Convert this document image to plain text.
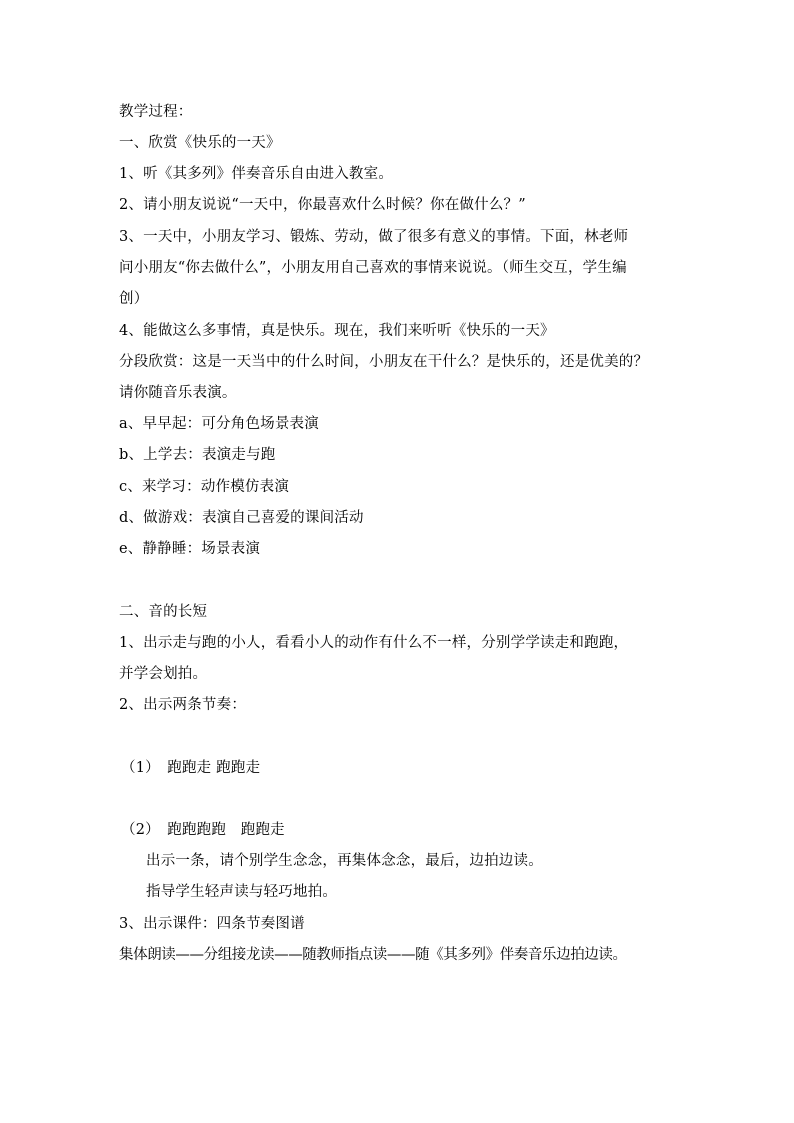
教学过程：
一、欣赏《快乐的一天》
1、听《其多列》伴奏音乐自由进入教室。
2、请小朋友说说“一天中，你最喜欢什么时候？你在做什么？”
3、一天中，小朋友学习、锻炼、劳动，做了很多有意义的事情。下面，林老师
问小朋友“你去做什么”，小朋友用自己喜欢的事情来说说。（师生交互，学生编
创）
4、能做这么多事情，真是快乐。现在，我们来听听《快乐的一天》
分段欣赏：这是一天当中的什么时间，小朋友在干什么？是快乐的，还是优美的？
请你随音乐表演。
a、早早起：可分角色场景表演
b、上学去：表演走与跑
c、来学习：动作模仿表演
d、做游戏：表演自己喜爱的课间活动
e、静静睡：场景表演
二、音的长短
1、出示走与跑的小人，看看小人的动作有什么不一样，分别学学读走和跑跑，
并学会划拍。
2、出示两条节奏：
（1）　跑跑走 跑跑走
（2）　跑跑跑跑　跑跑走
出示一条，请个别学生念念，再集体念念，最后，边拍边读。
指导学生轻声读与轻巧地拍。
3、出示课件：四条节奏图谱
集体朗读——分组接龙读——随教师指点读——随《其多列》伴奏音乐边拍边读。
